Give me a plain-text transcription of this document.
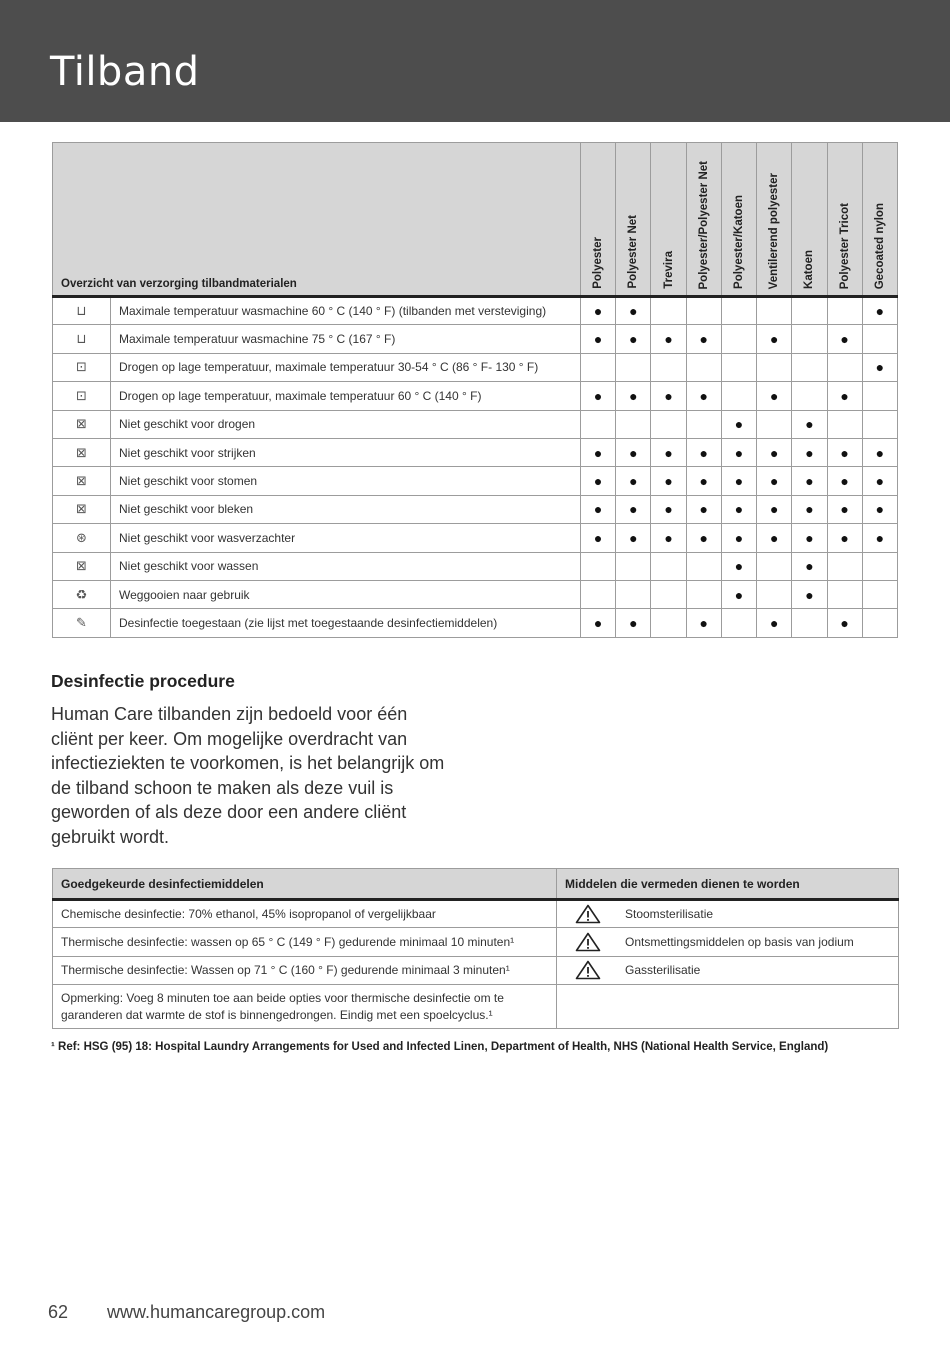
Tilband
Overzicht van verzorging tilbandmaterialen		Polyester	Polyester Net	Trevira	Polyester/Polyester Net	Polyester/Katoen	Ventilerend polyester	Katoen	Polyester Tricot	Gecoated nylon

⊔	Maximale temperatuur wasmachine 60 ° C (140 ° F) (tilbanden met versteviging)	●	●							●
⊔	Maximale temperatuur wasmachine 75 ° C (167 ° F)	●	●	●	●		●		●	
⊡	Drogen op lage temperatuur, maximale temperatuur 30-54 ° C (86 ° F- 130 ° F)									●
⊡	Drogen op lage temperatuur, maximale temperatuur 60 ° C (140 ° F)	●	●	●	●		●		●	
⊠	Niet geschikt voor drogen					●		●		
⊠	Niet geschikt voor strijken	●	●	●	●	●	●	●	●	●
⊠	Niet geschikt voor stomen	●	●	●	●	●	●	●	●	●
⊠	Niet geschikt voor bleken	●	●	●	●	●	●	●	●	●
⊛	Niet geschikt voor wasverzachter	●	●	●	●	●	●	●	●	●
⊠	Niet geschikt voor wassen					●		●		
♻	Weggooien naar gebruik					●		●		
✎	Desinfectie toegestaan (zie lijst met toegestaande desinfectiemiddelen)	●	●		●		●		●	
Desinfectie procedure
Human Care tilbanden zijn bedoeld voor één cliënt per keer. Om mogelijke overdracht van infectieziekten te voorkomen, is het belangrijk om de tilband schoon te maken als deze vuil is geworden of als deze door een andere cliënt gebruikt wordt.
Goedgekeurde desinfectiemiddelen	Middelen die vermeden dienen te worden
Chemische desinfectie: 70% ethanol, 45% isopropanol of vergelijkbaar	Stoomsterilisatie
Thermische desinfectie: wassen op 65 ° C (149 ° F) gedurende minimaal 10 minuten¹	Ontsmettingsmiddelen op basis van jodium
Thermische desinfectie: Wassen op 71 ° C (160 ° F) gedurende minimaal 3 minuten¹	Gassterilisatie
Opmerking: Voeg 8 minuten toe aan beide opties voor thermische desinfectie om te garanderen dat warmte de stof is binnengedrongen. Eindig met een spoelcyclus.¹	
¹ Ref: HSG (95) 18: Hospital Laundry Arrangements for Used and Infected Linen, Department of Health, NHS (National Health Service, England)
62 www.humancaregroup.com
